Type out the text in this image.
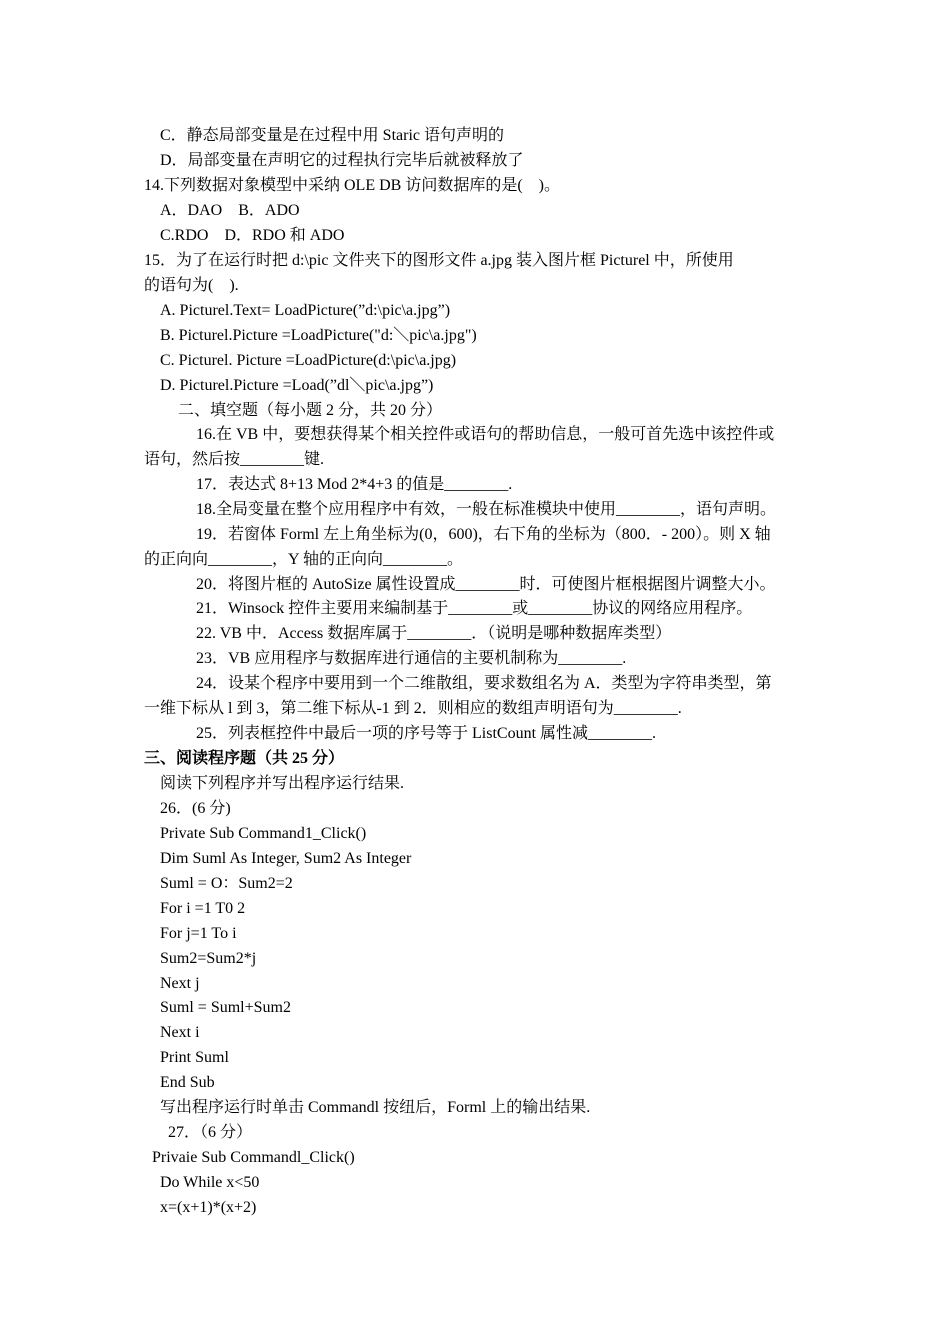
C．静态局部变量是在过程中用 Staric 语句声明的
D．局部变量在声明它的过程执行完毕后就被释放了
14.下列数据对象模型中采纳 OLE DB 访问数据库的是(　)。
A．DAO　B．ADO
C.RDO　D．RDO 和 ADO
15．为了在运行时把 d:\pic 文件夹下的图形文件 a.jpg 装入图片框 Picturel 中，所使用
的语句为(　).
A. Picturel.Text= LoadPicture(”d:\pic\a.jpg”)
B. Picturel.Picture =LoadPicture("d:＼pic\a.jpg")
C. Picturel. Picture =LoadPicture(d:\pic\a.jpg)
D. Picturel.Picture =Load(”dl＼pic\a.jpg”)
二、填空题（每小题 2 分，共 20 分）
16.在 VB 中，要想获得某个相关控件或语句的帮助信息，一般可首先选中该控件或
语句，然后按________键.
17．表达式 8+13 Mod 2*4+3 的值是________.
18.全局变量在整个应用程序中有效，一般在标准模块中使用________，语句声明。
19．若窗体 Forml 左上角坐标为(0，600)，右下角的坐标为（800．- 200）。则 X 轴
的正向向________，Y 轴的正向向________。
20．将图片框的 AutoSize 属性设置成________时．可使图片框根据图片调整大小。
21．Winsock 控件主要用来编制基于________或________协议的网络应用程序。
22. VB 中．Access 数据库属于________．（说明是哪种数据库类型）
23．VB 应用程序与数据库进行通信的主要机制称为________.
24．设某个程序中要用到一个二维散组，要求数组名为 A．类型为字符串类型，第
一维下标从 l 到 3，第二维下标从-1 到 2．则相应的数组声明语句为________.
25．列表框控件中最后一项的序号等于 ListCount 属性减________.
三、阅读程序题（共 25 分）
阅读下列程序并写出程序运行结果.
26．(6 分)
Private Sub Command1_Click()
Dim Suml As Integer, Sum2 As Integer
Suml = O：Sum2=2
For i =1 T0 2
For j=1 To i
Sum2=Sum2*j
Next j
Suml = Suml+Sum2
Next i
Print Suml
End Sub
写出程序运行时单击 Commandl 按纽后，Forml 上的输出结果.
27．（6 分）
Privaie Sub Commandl_Click()
Do While x<50
x=(x+1)*(x+2)
